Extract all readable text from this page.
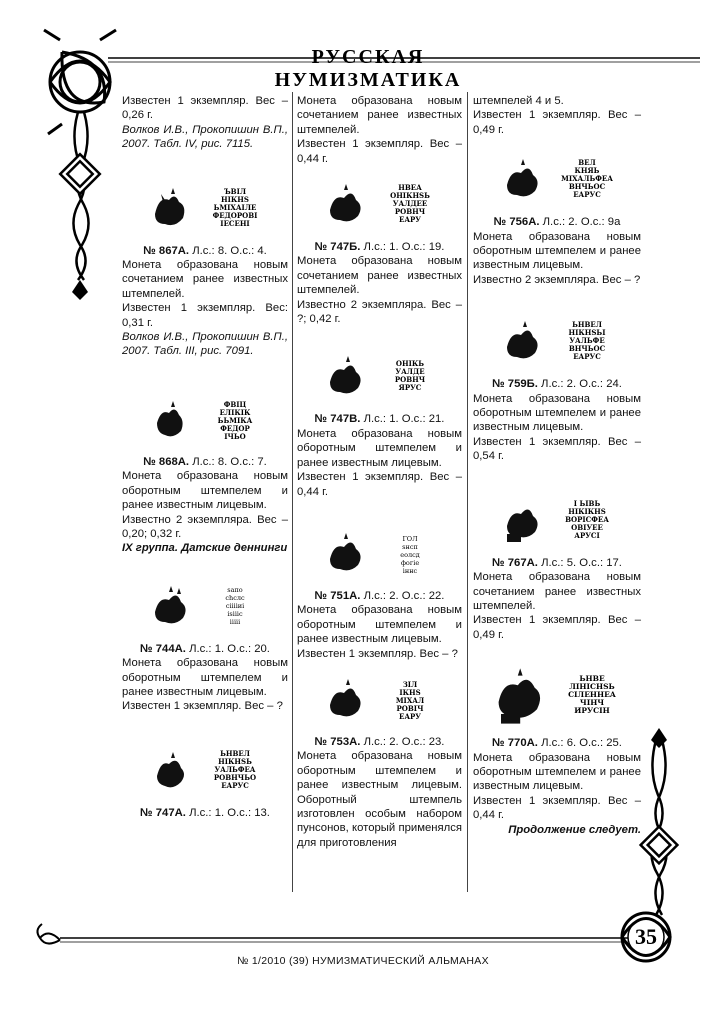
РУССКАЯ НУМИЗМАТИКА

Известен 1 экземпляр. Вес – 0,26 г.

Волков И.В., Прокопишин В.П., 2007. Табл. IV, рис. 7115.

ЪВІЛ
НІКНЅ
ЬМІХАІЛЕ
ФЕДОРОВІ
ІЕСЕНІ

№ 867А. Л.с.: 8. О.с.: 4.

Монета образована новым сочетанием ранее известных штемпелей.

Известен 1 экземпляр. Вес: 0,31 г.

Волков И.В., Прокопишин В.П., 2007. Табл. III, рис. 7091.

ФВІЦ
ЕЛІКІК
ЬЬМІКА
ФЕДОР
ІЧЬО

№ 868А. Л.с.: 8. О.с.: 7.

Монета образована новым оборотным штемпелем и ранее известным лицевым.

Известно 2 экземпляра. Вес – 0,20; 0,32 г.

IX группа. Датские деннинги

ѕапо
сhcлс
сііііиі
іѕіііс
ііііі

№ 744А. Л.с.: 1. О.с.: 20.

Монета образована новым оборотным штемпелем и ранее известным лицевым.

Известен 1 экземпляр. Вес – ?

ЬНВЕЛ
НІКНЅЬ
УАЛЬФЕА
РОВНЧЬО
ЕАРУС

№ 747А. Л.с.: 1. О.с.: 13.

Монета образована новым сочетанием ранее известных штемпелей.

Известен 1 экземпляр. Вес – 0,44 г.

НВЕА
ОНІКНЅЬ
УАЛДЕЕ
РОВНЧ
ЕАРУ

№ 747Б. Л.с.: 1. О.с.: 19.

Монета образована новым сочетанием ранее известных штемпелей.

Известно 2 экземпляра. Вес – ?; 0,42 г.

ОНІКЬ
УАЛДЕ
РОВНЧ
ЯРУС

№ 747В. Л.с.: 1. О.с.: 21.

Монета образована новым оборотным штемпелем и ранее известным лицевым.

Известен 1 экземпляр. Вес – 0,44 г.

ГОЛ
ѕнсп
еолсд
фогіе
іннс

№ 751А. Л.с.: 2. О.с.: 22.

Монета образована новым оборотным штемпелем и ранее известным лицевым.

Известен 1 экземпляр. Вес – ?

ЗІЛ
ІКНЅ
МІХАЛ
РОВІЧ
ЕАРУ

№ 753А. Л.с.: 2. О.с.: 23.

Монета образована новым оборотным штемпелем и ранее известным лицевым. Оборотный штемпель изготовлен особым набором пунсонов, который применялся для приготовления

штемпелей 4 и 5.

Известен 1 экземпляр. Вес – 0,49 г.

ВЕЛ
КНЯЬ
МІХАЛЬФЕА
ВНЧЬОС
ЕАРУС

№ 756А. Л.с.: 2. О.с.: 9а

Монета образована новым оборотным штемпелем и ранее известным лицевым.

Известно 2 экземпляра. Вес – ?

ЬНВЕЛ
НІКНЅЬІ
УАЛЬФЕ
ВНЧЬОС
ЕАРУС

№ 759Б. Л.с.: 2. О.с.: 24.

Монета образована новым оборотным штемпелем и ранее известным лицевым.

Известен 1 экземпляр. Вес – 0,54 г.

І ЬІВЬ
НІКІКНЅ
ВОРІСФЕА
ОВІУЕЕ
АРУСІ

№ 767А. Л.с.: 5. О.с.: 17.

Монета образована новым сочетанием ранее известных штемпелей.

Известен 1 экземпляр. Вес – 0,49 г.

ЬНВЕ
ЛІНІСНЅЬ
СІЛЕННЕА
ЧІНЧ
ИРУСІН

№ 770А. Л.с.: 6. О.с.: 25.

Монета образована новым оборотным штемпелем и ранее известным лицевым.

Известен 1 экземпляр. Вес – 0,44 г.

Продолжение следует.

35
№ 1/2010 (39) НУМИЗМАТИЧЕСКИЙ АЛЬМАНАХ
